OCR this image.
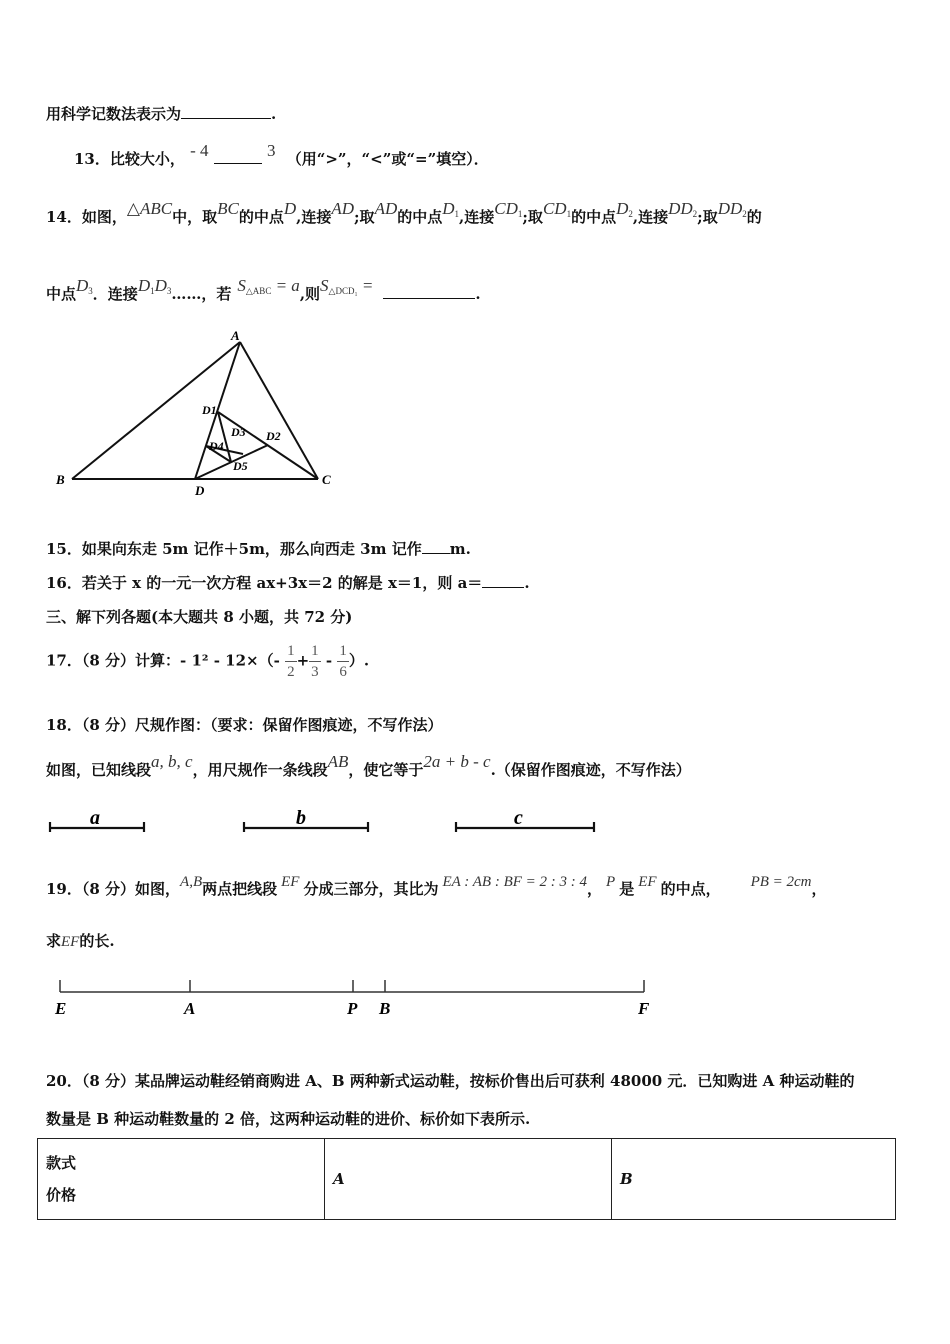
用科学记数法表示为	.
13．比较大小， - 4	3 （用“>”，“<”或“=”填空）．
14．如图，△ABC中，取BC的中点D,连接AD;取AD的中点$D_1$,连接$CD_1$;取$CD_1$的中点$D_2$,连接$DD_2$;取$DD_2$的
中点$D_3$．连接$D_1D_3\dots\dots$，若 $S_{\triangle ABC} = a$,则$S_{\triangle DCD_1}$ =	.
A
B	C
D
D1
D2
D3
D4
D5
15．如果向东走 5m 记作＋5m，那么向西走 3m 记作 m.
16．若关于 x 的一元一次方程 ax+3x＝2 的解是 x＝1，则 a＝	.
三、解下列各题(本大题共 8 小题，共 72 分)
17．（8 分）计算：- $1^2 - 12\times(- \frac{1}{2} + \frac{1}{3} - \frac{1}{6}$ ）.
18．（8 分）尺规作图：（要求：保留作图痕迹，不写作法）
如图，已知线段a, b, c，用尺规作一条线段AB，使它等于2a + b - c.（保留作图痕迹，不写作法）
a	b	c
19．（8 分）如图，A,B两点把线段 EF 分成三部分，其比为 EA : AB : BF = 2 : 3 : 4， P 是 EF 的中点， PB = 2cm，
求EF的长.
E	A	P B	F
20．（8 分）某品牌运动鞋经销商购进 A、B 两种新式运动鞋，按标价售出后可获利 48000 元．已知购进 A 种运动鞋的
数量是 B 种运动鞋数量的 2 倍，这两种运动鞋的进价、标价如下表所示.
款式
价格
	A	B
